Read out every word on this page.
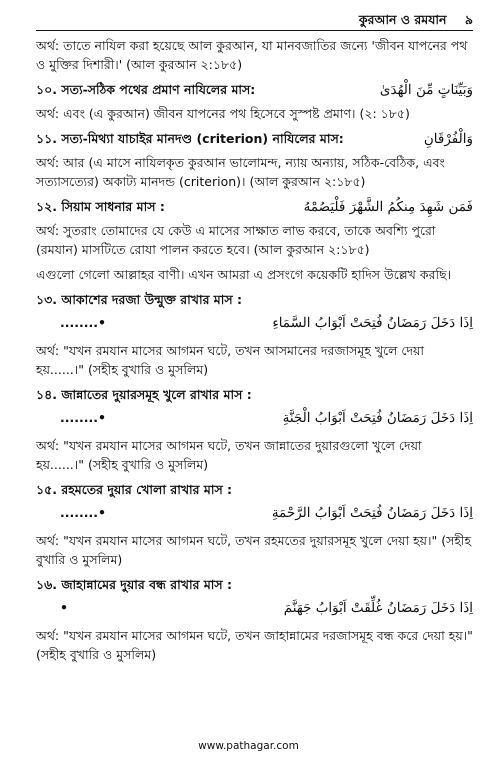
কুরআন ও রমযান ৯

অর্থ: তাতে নাযিল করা হয়েছে আল কুরআন, যা মানবজাতির জন্যে 'জীবন যাপনের পথ ও মুক্তির দিশারী।' (আল কুরআন ২:১৮৫)

১০. সত্য-সঠিক পথের প্রমাণ নাযিলের মাস:	وَبَيِّنَاتٍ مِّنَ الْهُدَىٰ

অর্থ: এবং (এ কুরআন) জীবন যাপনের পথ হিসেবে সুস্পষ্ট প্রমাণ। (২: ১৮৫)

১১. সত্য-মিথ্যা যাচাইর মানদণ্ড (criterion) নাযিলের মাস:	وَالْفُرْقَانِ

অর্থ: আর (এ মাসে নাযিলকৃত কুরআন ভালোমন্দ, ন্যায় অন্যায়, সঠিক-বেঠিক, এবং সত্যাসত্যের) অকাট্য মানদন্ড (criterion)। (আল কুরআন ২:১৮৫)

১২. সিয়াম সাধনার মাস :	فَمَن شَهِدَ مِنكُمُ الشَّهْرَ فَلْيَصُمْهُ

অর্থ: সুতরাং তোমাদের যে কেউ এ মাসের সাক্ষাত লাভ করবে, তাকে অবশ্যি পুরো (রমযান) মাসটিতে রোযা পালন করতে হবে। (আল কুরআন ২:১৮৫)

এগুলো গেলো আল্লাহর বাণী। এখন আমরা এ প্রসংগে কয়েকটি হাদিস উল্লেখ করছি।

১৩. আকাশের দরজা উন্মুক্ত রাখার মাস :
........•	اِذَا دَخَلَ رَمَضَانُ فُتِحَتْ اَبْوَابُ السَّمَاءِ

অর্থ: "যখন রমযান মাসের আগমন ঘটে, তখন আসমানের দরজাসমূহ খুলে দেয়া হয়......।" (সহীহ বুখারি ও মুসলিম)

১৪. জান্নাতের দুয়ারসমূহ খুলে রাখার মাস :
........•	اِذَا دَخَلَ رَمَضَانُ فُتِحَتْ اَبْوَابُ الْجَنَّةِ

অর্থ: "যখন রমযান মাসের আগমন ঘটে, তখন জান্নাতের দুয়ারগুলো খুলে দেয়া হয়......।" (সহীহ বুখারি ও মুসলিম)

১৫. রহমতের দুয়ার খোলা রাখার মাস :
........•	اِذَا دَخَلَ رَمَضَانُ فُتِحَتْ اَبْوَابُ الرَّحْمَةِ

অর্থ: "যখন রমযান মাসের আগমন ঘটে, তখন রহমতের দুয়ারসমূহ খুলে দেয়া হয়।" (সহীহ বুখারি ও মুসলিম)

১৬. জাহান্নামের দুয়ার বন্ধ রাখার মাস :
•	اِذَا دَخَلَ رَمَضَانُ غُلِّقَتْ اَبْوَابُ جَهَنَّمَ

অর্থ: "যখন রমযান মাসের আগমন ঘটে, তখন জাহান্নামের দরজাসমূহ বন্ধ করে দেয়া হয়।" (সহীহ বুখারি ও মুসলিম)

www.pathagar.com
